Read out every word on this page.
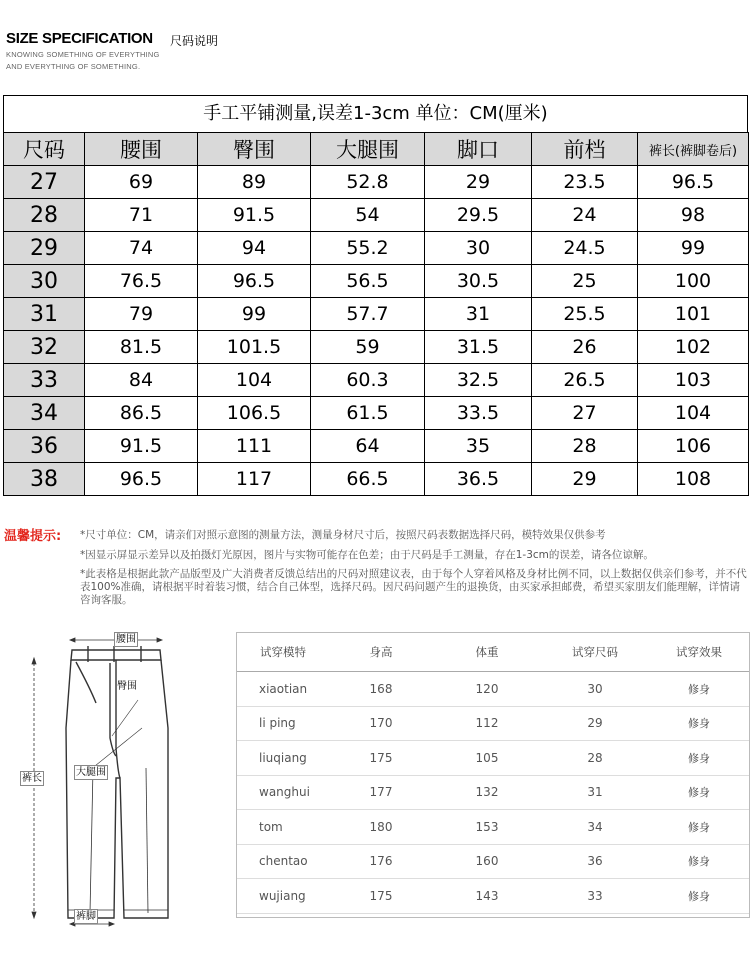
SIZE SPECIFICATION	尺码说明
KNOWING SOMETHING OF EVERYTHING
AND EVERYTHING OF SOMETHING.
手工平铺测量,误差1-3cm 单位：CM(厘米)
尺码	腰围	臀围	大腿围	脚口	前档	裤长(裤脚卷后)
27	69	89	52.8	29	23.5	96.5
28	71	91.5	54	29.5	24	98
29	74	94	55.2	30	24.5	99
30	76.5	96.5	56.5	30.5	25	100
31	79	99	57.7	31	25.5	101
32	81.5	101.5	59	31.5	26	102
33	84	104	60.3	32.5	26.5	103
34	86.5	106.5	61.5	33.5	27	104
36	91.5	111	64	35	28	106
38	96.5	117	66.5	36.5	29	108
温馨提示: *尺寸单位：CM，请亲们对照示意图的测量方法，测量身材尺寸后，按照尺码表数据选择尺码，模特效果仅供参考
*因显示屏显示差异以及拍摄灯光原因，图片与实物可能存在色差；由于尺码是手工测量，存在1-3cm的误差，请各位谅解。
*此表格是根据此款产品版型及广大消费者反馈总结出的尺码对照建议表，由于每个人穿着风格及身材比例不同，以上数据仅供亲们参考，并不代表100%准确，请根据平时着装习惯，结合自己体型，选择尺码。因尺码问题产生的退换货，由买家承担邮费，希望买家朋友们能理解，详情请咨询客服。
腰围
臀围
大腿围
裤长
裤脚
试穿模特	身高	体重	试穿尺码	试穿效果
xiaotian	168	120	30	修身
li ping	170	112	29	修身
liuqiang	175	105	28	修身
wanghui	177	132	31	修身
tom	180	153	34	修身
chentao	176	160	36	修身
wujiang	175	143	33	修身
